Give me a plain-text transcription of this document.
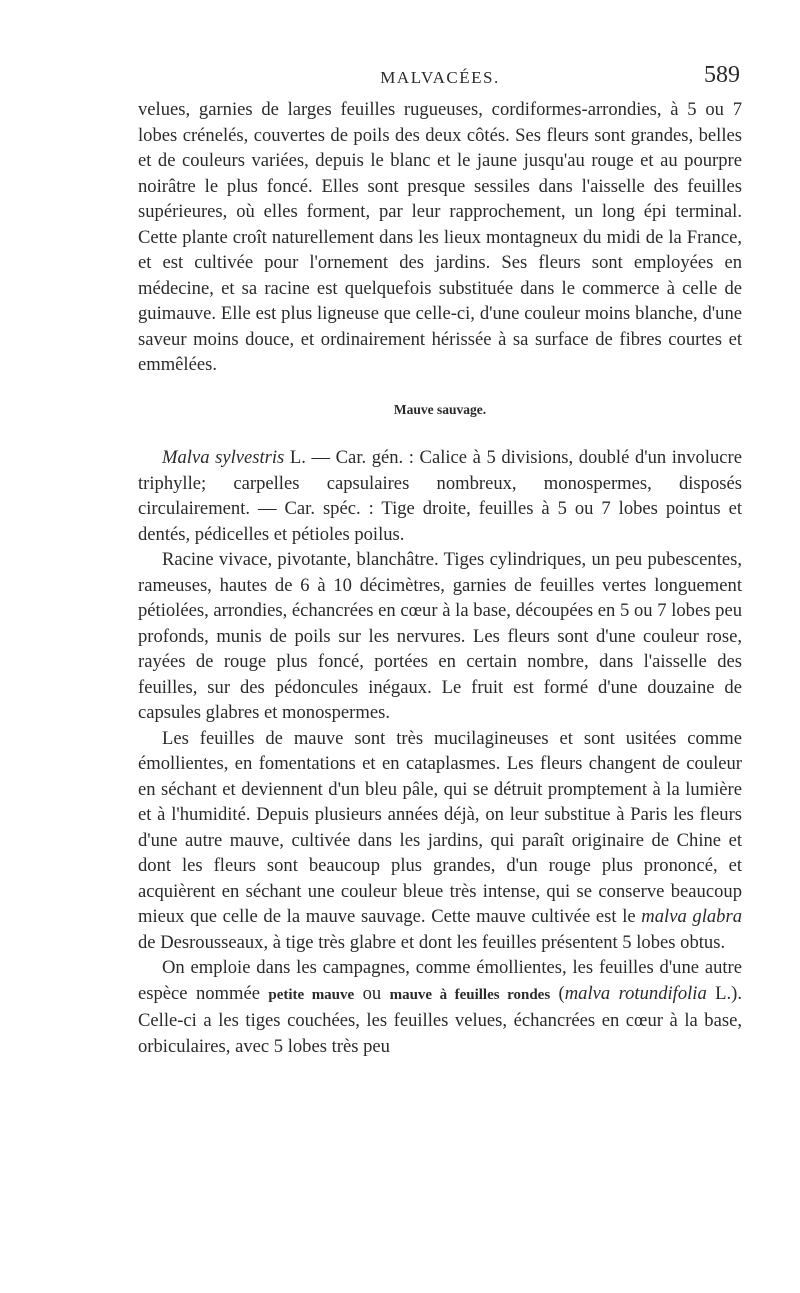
MALVACÉES.	589

velues, garnies de larges feuilles rugueuses, cordiformes-arrondies, à 5 ou 7 lobes crénelés, couvertes de poils des deux côtés. Ses fleurs sont grandes, belles et de couleurs variées, depuis le blanc et le jaune jusqu'au rouge et au pourpre noirâtre le plus foncé. Elles sont presque sessiles dans l'aisselle des feuilles supérieures, où elles forment, par leur rapprochement, un long épi terminal. Cette plante croît naturellement dans les lieux montagneux du midi de la France, et est cultivée pour l'ornement des jardins. Ses fleurs sont employées en médecine, et sa racine est quelquefois substituée dans le commerce à celle de guimauve. Elle est plus ligneuse que celle-ci, d'une couleur moins blanche, d'une saveur moins douce, et ordinairement hérissée à sa surface de fibres courtes et emmêlées.

Mauve sauvage.

Malva sylvestris L. — Car. gén. : Calice à 5 divisions, doublé d'un involucre triphylle; carpelles capsulaires nombreux, monospermes, disposés circulairement. — Car. spéc. : Tige droite, feuilles à 5 ou 7 lobes pointus et dentés, pédicelles et pétioles poilus.

Racine vivace, pivotante, blanchâtre. Tiges cylindriques, un peu pubescentes, rameuses, hautes de 6 à 10 décimètres, garnies de feuilles vertes longuement pétiolées, arrondies, échancrées en cœur à la base, découpées en 5 ou 7 lobes peu profonds, munis de poils sur les nervures. Les fleurs sont d'une couleur rose, rayées de rouge plus foncé, portées en certain nombre, dans l'aisselle des feuilles, sur des pédoncules inégaux. Le fruit est formé d'une douzaine de capsules glabres et monospermes.

Les feuilles de mauve sont très mucilagineuses et sont usitées comme émollientes, en fomentations et en cataplasmes. Les fleurs changent de couleur en séchant et deviennent d'un bleu pâle, qui se détruit promptement à la lumière et à l'humidité. Depuis plusieurs années déjà, on leur substitue à Paris les fleurs d'une autre mauve, cultivée dans les jardins, qui paraît originaire de Chine et dont les fleurs sont beaucoup plus grandes, d'un rouge plus prononcé, et acquièrent en séchant une couleur bleue très intense, qui se conserve beaucoup mieux que celle de la mauve sauvage. Cette mauve cultivée est le malva glabra de Desrousseaux, à tige très glabre et dont les feuilles présentent 5 lobes obtus.

On emploie dans les campagnes, comme émollientes, les feuilles d'une autre espèce nommée petite mauve ou mauve à feuilles rondes (malva rotundifolia L.). Celle-ci a les tiges couchées, les feuilles velues, échancrées en cœur à la base, orbiculaires, avec 5 lobes très peu
